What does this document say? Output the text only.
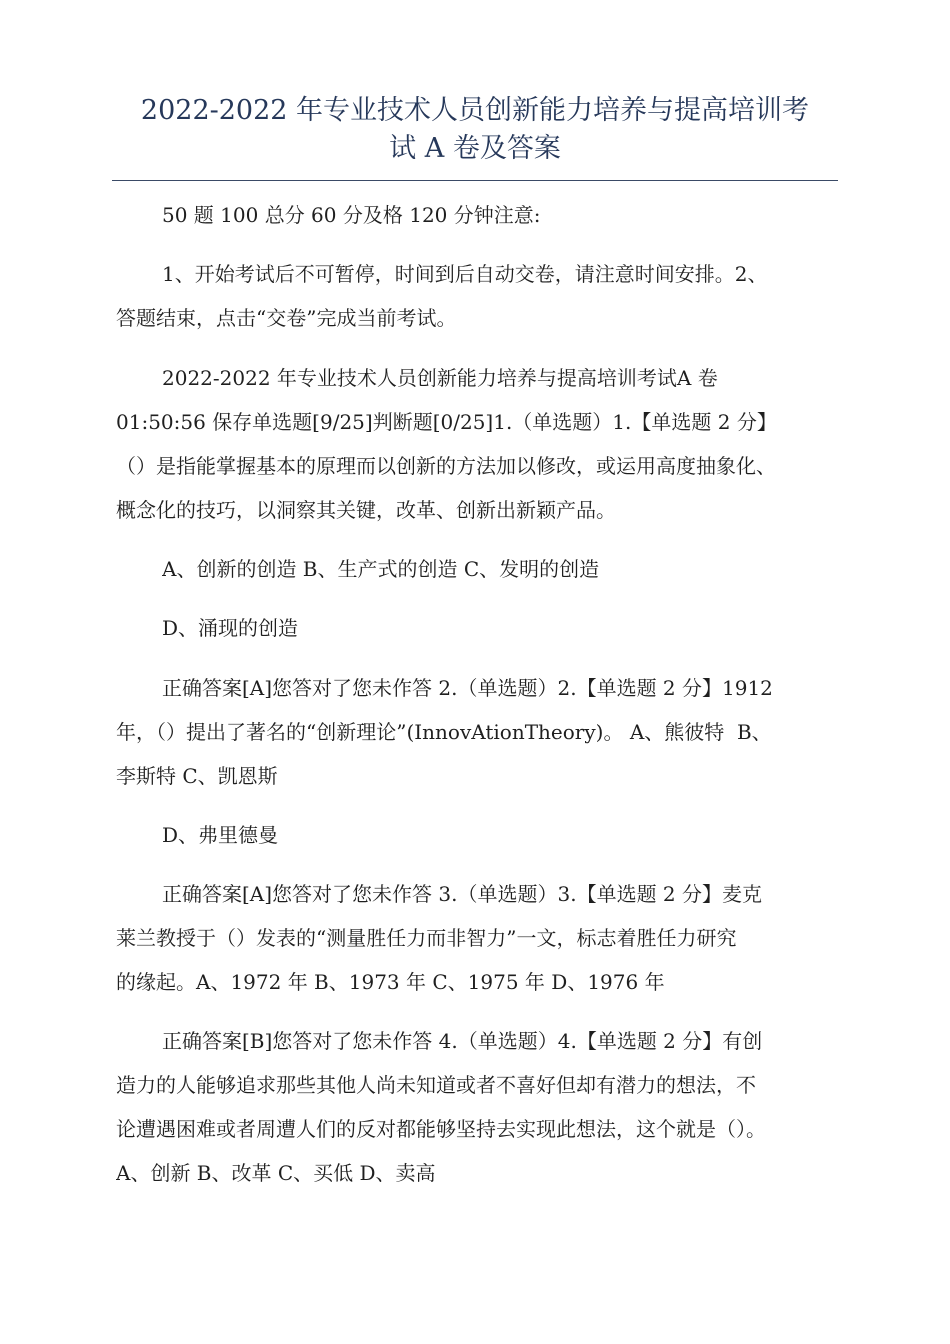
2022-2022 年专业技术人员创新能力培养与提高培训考
试 A 卷及答案
50 题 100 总分 60 分及格 120 分钟注意:
1、开始考试后不可暂停，时间到后自动交卷，请注意时间安排。2、
答题结束，点击“交卷”完成当前考试。
2022-2022 年专业技术人员创新能力培养与提高培训考试A 卷
01:50:56 保存单选题[9/25]判断题[0/25]1.（单选题）1.【单选题 2 分】
（）是指能掌握基本的原理而以创新的方法加以修改，或运用高度抽象化、
概念化的技巧，以洞察其关键，改革、创新出新颖产品。
A、创新的创造 B、生产式的创造 C、发明的创造
D、涌现的创造
正确答案[A]您答对了您未作答 2.（单选题）2.【单选题 2 分】1912
年，（）提出了著名的“创新理论”(InnovAtionTheory)。 A、熊彼特  B、
李斯特 C、凯恩斯
D、弗里德曼
正确答案[A]您答对了您未作答 3.（单选题）3.【单选题 2 分】麦克
莱兰教授于（）发表的“测量胜任力而非智力”一文，标志着胜任力研究
的缘起。A、1972 年 B、1973 年 C、1975 年 D、1976 年
正确答案[B]您答对了您未作答 4.（单选题）4.【单选题 2 分】有创
造力的人能够追求那些其他人尚未知道或者不喜好但却有潜力的想法，不
论遭遇困难或者周遭人们的反对都能够坚持去实现此想法，这个就是（）。
A、创新 B、改革 C、买低 D、卖高
